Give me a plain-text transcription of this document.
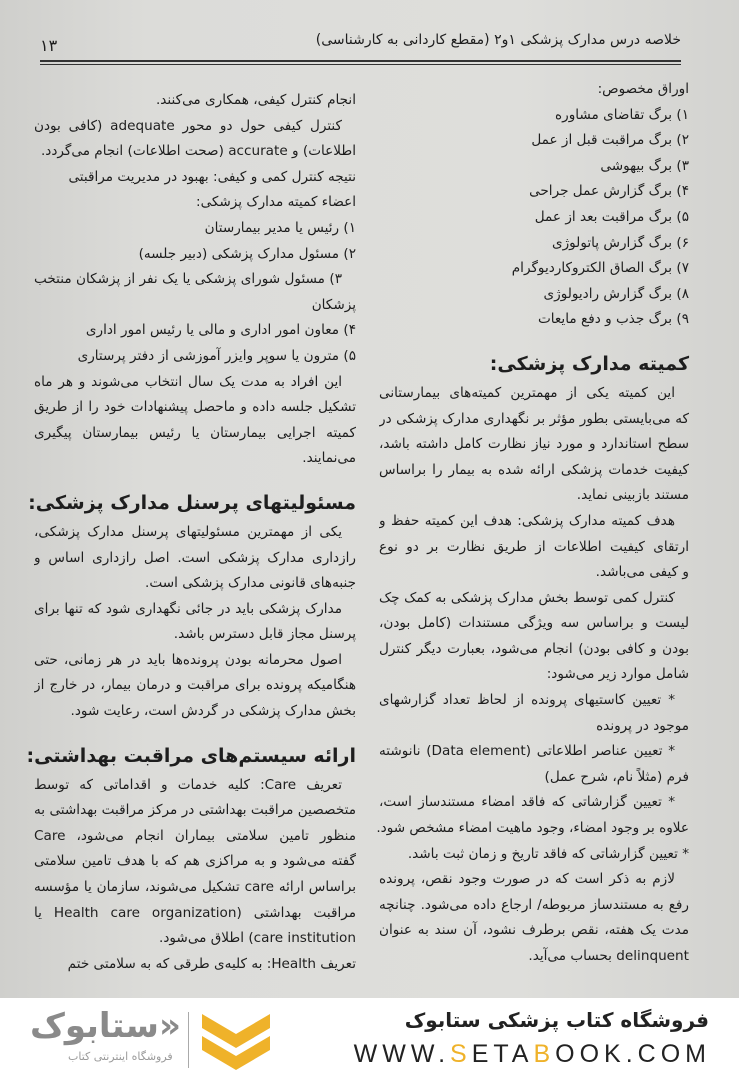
خلاصه درس مدارک پزشکی ۱و۲ (مقطع کاردانی به کارشناسی)
۱۳
اوراق مخصوص:
۱) برگ تقاضای مشاوره
۲) برگ مراقبت قبل از عمل
۳) برگ بیهوشی
۴) برگ گزارش عمل جراحی
۵) برگ مراقبت بعد از عمل
۶) برگ گزارش پاتولوژی
۷) برگ الصاق الکتروکاردیوگرام
۸) برگ گزارش رادیولوژی
۹) برگ جذب و دفع مایعات
کمیته مدارک پزشکی:
این کمیته یکی از مهمترین کمیته‌های بیمارستانی
که می‌بایستی بطور مؤثر بر نگهداری مدارک پزشکی در
سطح استاندارد و مورد نیاز نظارت کامل داشته باشد،
کیفیت خدمات پزشکی ارائه شده به بیمار را براساس
مستند بازبینی نماید.
هدف کمیته مدارک پزشکی: هدف این کمیته حفظ و
ارتقای کیفیت اطلاعات از طریق نظارت بر دو نوع
و کیفی می‌باشد.
کنترل کمی توسط بخش مدارک پزشکی به کمک چک
لیست و براساس سه ویژگی مستندات (کامل بودن،
بودن و کافی بودن) انجام می‌شود، بعبارت دیگر کنترل
شامل موارد زیر می‌شود:
* تعیین کاستیهای پرونده از لحاظ تعداد گزارشهای
موجود در پرونده
* تعیین عناصر اطلاعاتی (Data element) نانوشته
فرم (مثلاً نام، شرح عمل)
* تعیین گزارشاتی که فاقد امضاء مستندساز است،
علاوه بر وجود امضاء، وجود ماهیت امضاء مشخص شود.
* تعیین گزارشاتی که فاقد تاریخ و زمان ثبت باشد.
لازم به ذکر است که در صورت وجود نقص، پرونده
رفع به مستندساز مربوطه/ ارجاع داده می‌شود. چنانچه
مدت یک هفته، نقص برطرف نشود، آن سند به عنوان
delinquent بحساب می‌آید.
انجام کنترل کیفی، همکاری می‌کنند.
کنترل کیفی حول دو محور adequate (کافی بودن
اطلاعات) و accurate (صحت اطلاعات) انجام می‌گردد.
نتیجه کنترل کمی و کیفی: بهبود در مدیریت مراقبتی
اعضاء کمیته مدارک پزشکی:
۱) رئیس یا مدیر بیمارستان
۲) مسئول مدارک پزشکی (دبیر جلسه)
۳) مسئول شورای پزشکی یا یک نفر از پزشکان منتخب
پزشکان
۴) معاون امور اداری و مالی یا رئیس امور اداری
۵) مترون یا سوپر وایزر آموزشی از دفتر پرستاری
این افراد به مدت یک سال انتخاب می‌شوند و هر ماه
تشکیل جلسه داده و ماحصل پیشنهادات خود را از طریق
کمیته اجرایی بیمارستان یا رئیس بیمارستان پیگیری
می‌نمایند.
مسئولیتهای پرسنل مدارک پزشکی:
یکی از مهمترین مسئولیتهای پرسنل مدارک پزشکی،
رازداری مدارک پزشکی است. اصل رازداری اساس و
جنبه‌های قانونی مدارک پزشکی است.
مدارک پزشکی باید در جائی نگهداری شود که تنها برای
پرسنل مجاز قابل دسترس باشد.
اصول محرمانه بودن پرونده‌ها باید در هر زمانی، حتی
هنگامیکه پرونده برای مراقبت و درمان بیمار، در خارج از
بخش مدارک پزشکی در گردش است، رعایت شود.
ارائه سیستم‌های مراقبت بهداشتی:
تعریف Care: کلیه خدمات و اقداماتی که توسط
متخصصین مراقبت بهداشتی در مرکز مراقبت بهداشتی به
منظور تامین سلامتی بیماران انجام می‌شود، Care
گفته می‌شود و به مراکزی هم که با هدف تامین سلامتی
براساس ارائه care تشکیل می‌شوند، سازمان یا مؤسسه
مراقبت بهداشتی (Health care organization یا
care institution) اطلاق می‌شود.
تعریف Health: به کلیه‌ی طرقی که به سلامتی ختم
فروشگاه کتاب پزشکی ستابوک
WWW.SETABOOK.COM
«ستابوک
فروشگاه اینترنتی کتاب
